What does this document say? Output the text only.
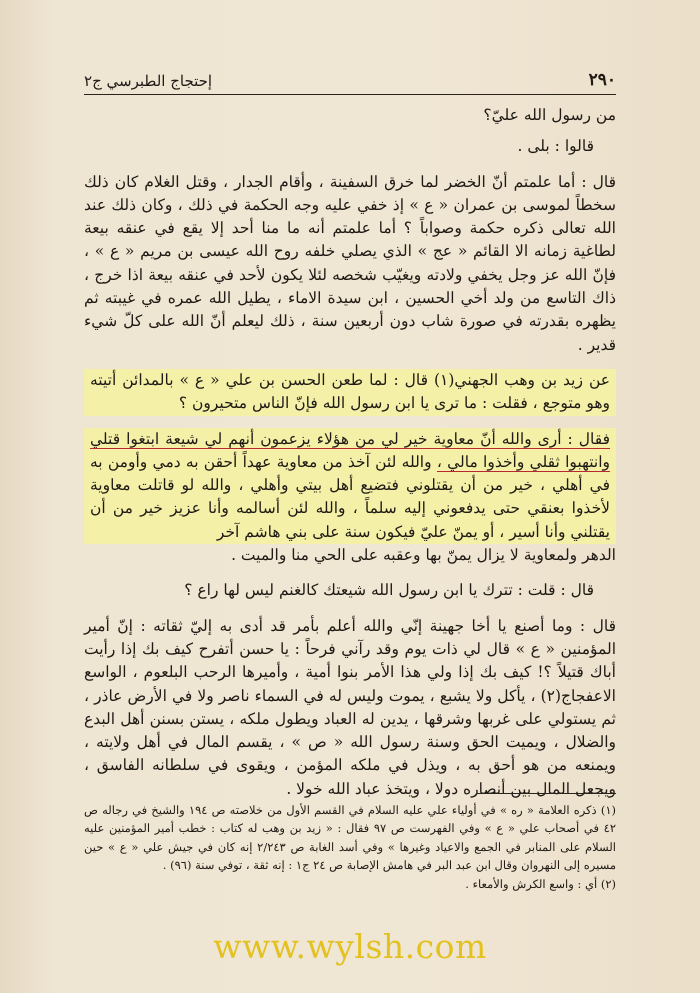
٢٩٠
إحتجاج الطبرسي ج٢

من رسول الله عليّ؟

قالوا : بلى .

قال : أما علمتم أنّ الخضر لما خرق السفينة ، وأقام الجدار ، وقتل الغلام كان ذلك سخطاً لموسى بن عمران « ع » إذ خفي عليه وجه الحكمة في ذلك ، وكان ذلك عند الله تعالى ذكره حكمة وصواباً ؟ أما علمتم أنه ما منا أحد إلا يقع في عنقه بيعة لطاغية زمانه الا القائم « عج » الذي يصلي خلفه روح الله عيسى بن مريم « ع » ، فإنّ الله عز وجل يخفي ولادته ويغيّب شخصه لئلا يكون لأحد في عنقه بيعة اذا خرج ، ذاك التاسع من ولد أخي الحسين ، ابن سيدة الاماء ، يطيل الله عمره في غيبته ثم يظهره بقدرته في صورة شاب دون أربعين سنة ، ذلك ليعلم أنّ الله على كلّ شيء قدير .

عن زيد بن وهب الجهني(١) قال : لما طعن الحسن بن علي « ع » بالمدائن أتيته وهو متوجع ، فقلت : ما ترى يا ابن رسول الله فإنّ الناس متحيرون ؟

فقال : أرى والله أنّ معاوية خير لي من هؤلاء يزعمون أنهم لي شيعة ابتغوا قتلي وانتهبوا ثقلي وأخذوا مالي ، والله لئن آخذ من معاوية عهداً أحقن به دمي وأومن به في أهلي ، خير من أن يقتلوني فتضيع أهل بيتي وأهلي ، والله لو قاتلت معاوية لأخذوا بعنقي حتى يدفعوني إليه سلماً ، والله لئن أسالمه وأنا عزيز خير من أن يقتلني وأنا أسير ، أو يمنّ عليّ فيكون سنة على بني هاشم آخر

الدهر ولمعاوية لا يزال يمنّ بها وعقبه على الحي منا والميت .

قال : قلت : تترك يا ابن رسول الله شيعتك كالغنم ليس لها راع ؟

قال : وما أصنع يا أخا جهينة إنّي والله أعلم بأمر قد أدى به إليّ ثقاته : إنّ أمير المؤمنين « ع » قال لي ذات يوم وقد رآني فرحاً : يا حسن أتفرح كيف بك إذا رأيت أباك قتيلاً ؟! كيف بك إذا ولي هذا الأمر بنوا أمية ، وأميرها الرحب البلعوم ، الواسع الاعفجاج(٢) ، يأكل ولا يشبع ، يموت وليس له في السماء ناصر ولا في الأرض عاذر ، ثم يستولي على غربها وشرقها ، يدين له العباد ويطول ملكه ، يستن بسنن أهل البدع والضلال ، ويميت الحق وسنة رسول الله « ص » ، يقسم المال في أهل ولايته ، ويمنعه من هو أحق به ، ويذل في ملكه المؤمن ، ويقوى في سلطانه الفاسق ، ويجعل المال بين أنصاره دولا ، ويتخذ عباد الله خولا .

(١) ذكره العلامة « ره » في أولياء علي عليه السلام في القسم الأول من خلاصته ص ١٩٤ والشيخ في رجاله ص ٤٢ في أصحاب علي « ع » وفي الفهرست ص ٩٧ فقال : « زيد بن وهب له كتاب : خطب أمير المؤمنين عليه السلام على المنابر في الجمع والاعياد وغيرها » وفي أسد الغابة ص ٢/٢٤٣ إنه كان في جيش علي « ع » حين مسيره إلى النهروان وقال ابن عبد البر في هامش الإصابة ص ٢٤ ج١ : إنه ثقة ، توفي سنة (٩٦) .

(٢) أي : واسع الكرش والأمعاء .

www.wylsh.com
